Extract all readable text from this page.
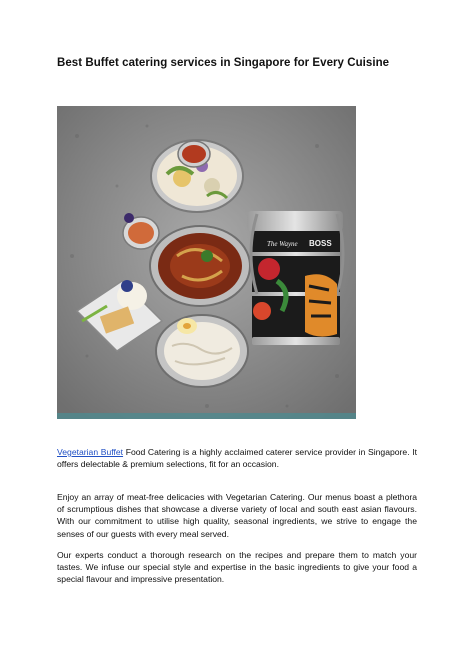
Best Buffet catering services in Singapore for Every Cuisine
The Wayne BOSS

Vegetarian Buffet Food Catering is a highly acclaimed caterer service provider in Singapore. It offers delectable & premium selections, fit for an occasion.

Enjoy an array of meat-free delicacies with Vegetarian Catering. Our menus boast a plethora of scrumptious dishes that showcase a diverse variety of local and south east asian flavours. With our commitment to utilise high quality, seasonal ingredients, we strive to engage the senses of our guests with every meal served.

Our experts conduct a thorough research on the recipes and prepare them to match your tastes. We infuse our special style and expertise in the basic ingredients to give your food a special flavour and impressive presentation.
